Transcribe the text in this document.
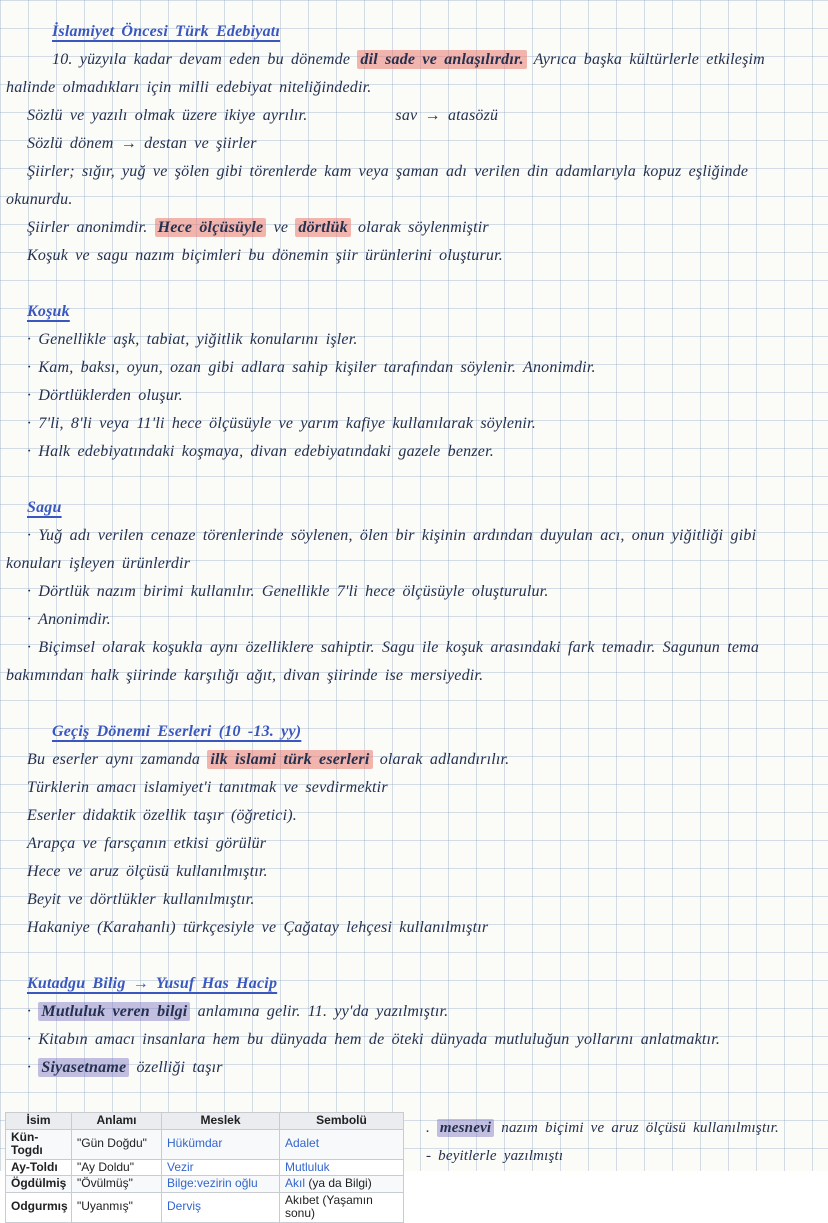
İslamiyet Öncesi Türk Edebiyatı
10. yüzyıla kadar devam eden bu dönemde dil sade ve anlaşılırdır. Ayrıca başka kültürlerle etkileşim
halinde olmadıkları için milli edebiyat niteliğindedir.
Sözlü ve yazılı olmak üzere ikiye ayrılır.	sav → atasözü
Sözlü dönem → destan ve şiirler
Şiirler; sığır, yuğ ve şölen gibi törenlerde kam veya şaman adı verilen din adamlarıyla kopuz eşliğinde
okunurdu.
Şiirler anonimdir. Hece ölçüsüyle ve dörtlük olarak söylenmiştir
Koşuk ve sagu nazım biçimleri bu dönemin şiir ürünlerini oluşturur.
Koşuk
· Genellikle aşk, tabiat, yiğitlik konularını işler.
· Kam, baksı, oyun, ozan gibi adlara sahip kişiler tarafından söylenir. Anonimdir.
· Dörtlüklerden oluşur.
· 7'li, 8'li veya 11'li hece ölçüsüyle ve yarım kafiye kullanılarak söylenir.
· Halk edebiyatındaki koşmaya, divan edebiyatındaki gazele benzer.
Sagu
· Yuğ adı verilen cenaze törenlerinde söylenen, ölen bir kişinin ardından duyulan acı, onun yiğitliği gibi
konuları işleyen ürünlerdir
· Dörtlük nazım birimi kullanılır. Genellikle 7'li hece ölçüsüyle oluşturulur.
· Anonimdir.
· Biçimsel olarak koşukla aynı özelliklere sahiptir. Sagu ile koşuk arasındaki fark temadır. Sagunun tema
bakımından halk şiirinde karşılığı ağıt, divan şiirinde ise mersiyedir.
Geçiş Dönemi Eserleri (10 -13. yy)
Bu eserler aynı zamanda ilk islami türk eserleri olarak adlandırılır.
Türklerin amacı islamiyet'i tanıtmak ve sevdirmektir
Eserler didaktik özellik taşır (öğretici).
Arapça ve farsçanın etkisi görülür
Hece ve aruz ölçüsü kullanılmıştır.
Beyit ve dörtlükler kullanılmıştır.
Hakaniye (Karahanlı) türkçesiyle ve Çağatay lehçesi kullanılmıştır
Kutadgu Bilig → Yusuf Has Hacip
· Mutluluk veren bilgi anlamına gelir. 11. yy'da yazılmıştır.
· Kitabın amacı insanlara hem bu dünyada hem de öteki dünyada mutluluğun yollarını anlatmaktır.
· Siyasetname özelliği taşır
İsim	Anlamı	Meslek	Sembolü
Kün-Togdı	"Gün Doğdu"	Hükümdar	Adalet
Ay-Toldı	"Ay Doldu"	Vezir	Mutluluk
Ögdülmiş	"Övülmüş"	Bilge:vezirin oğlu	Akıl (ya da Bilgi)
Odgurmış	"Uyanmış"	Derviş	Akıbet (Yaşamın sonu)
. mesnevi nazım biçimi ve aruz ölçüsü kullanılmıştır.
- beyitlerle yazılmıştı
